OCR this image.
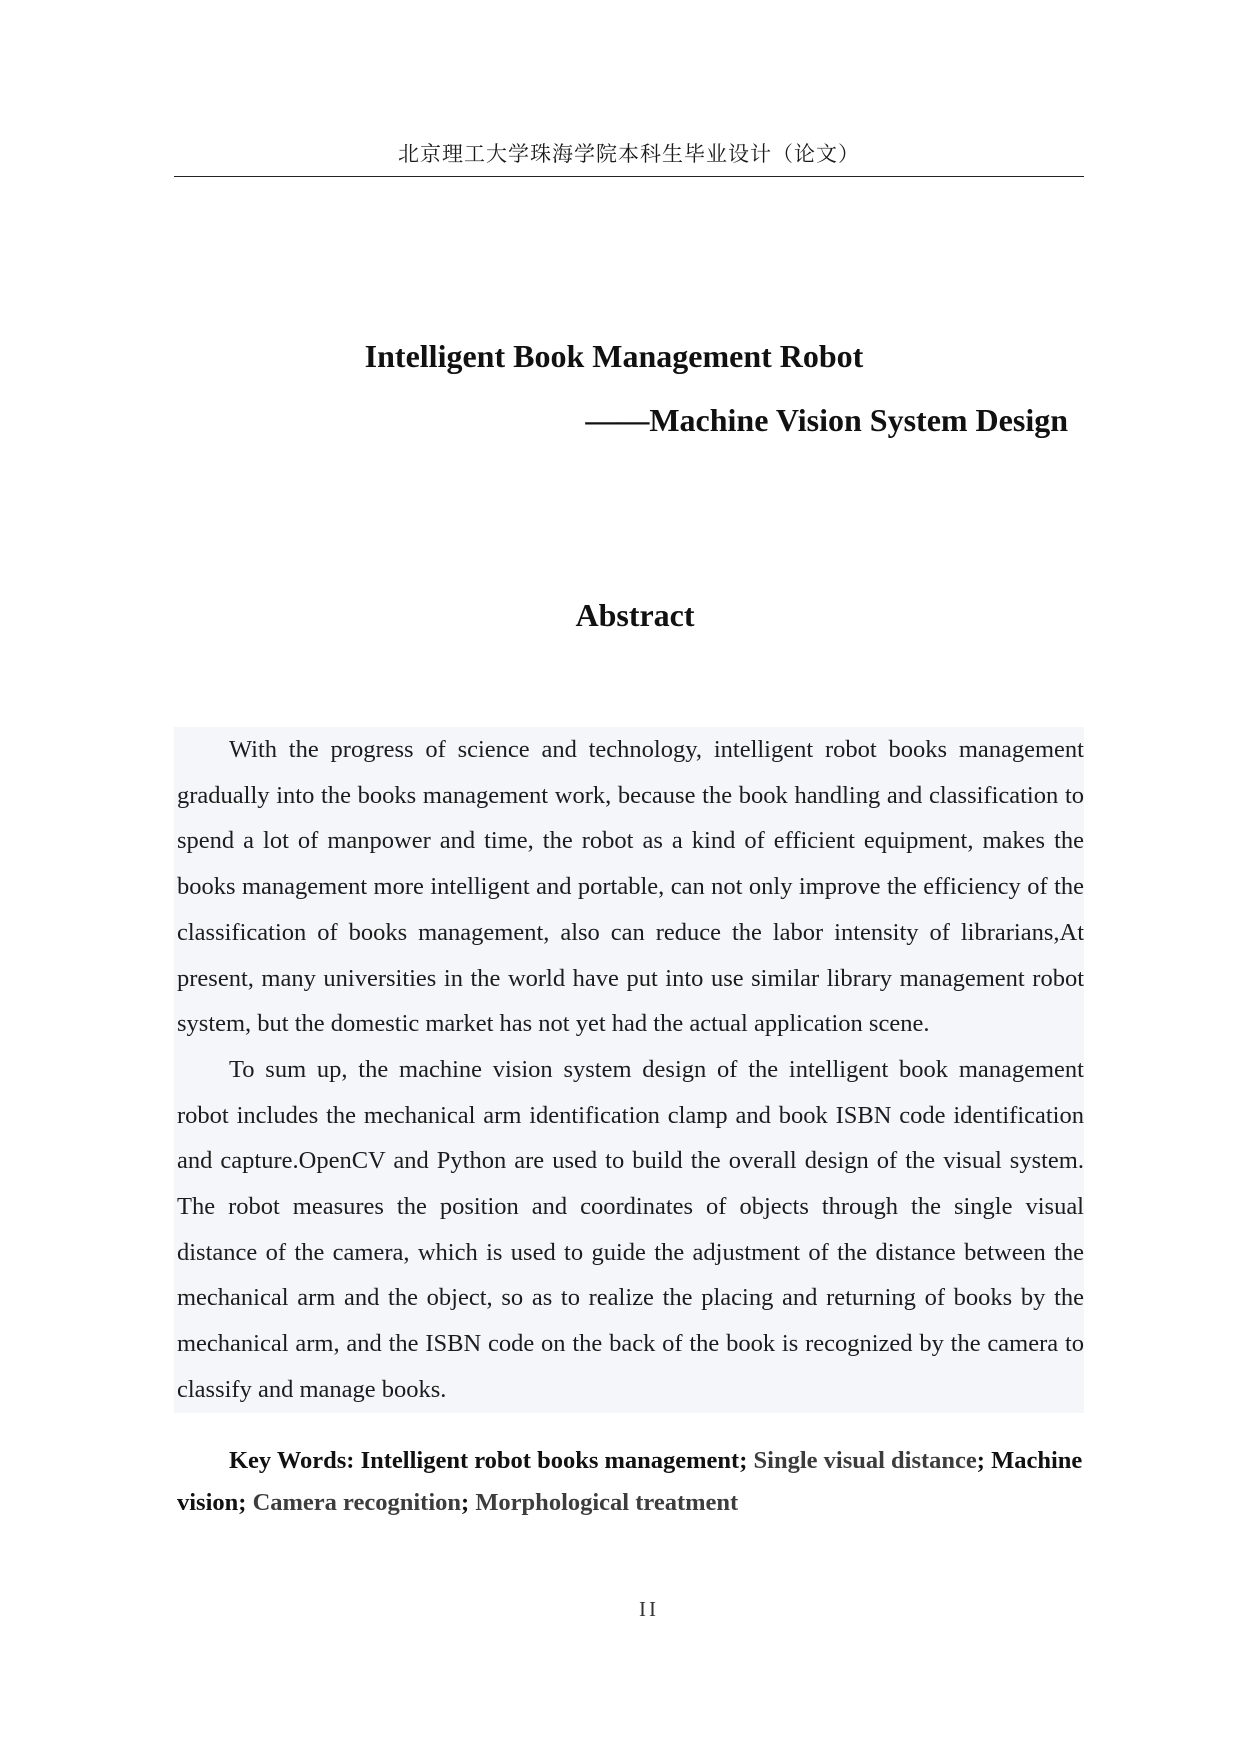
北京理工大学珠海学院本科生毕业设计（论文）
Intelligent Book Management Robot
——Machine Vision System Design
Abstract

With the progress of science and technology, intelligent robot books management gradually into the books management work, because the book handling and classification to spend a lot of manpower and time, the robot as a kind of efficient equipment, makes the books management more intelligent and portable, can not only improve the efficiency of the classification of books management, also can reduce the labor intensity of librarians,At present, many universities in the world have put into use similar library management robot system, but the domestic market has not yet had the actual application scene.

To sum up, the machine vision system design of the intelligent book management robot includes the mechanical arm identification clamp and book ISBN code identification and capture.OpenCV and Python are used to build the overall design of the visual system. The robot measures the position and coordinates of objects through the single visual distance of the camera, which is used to guide the adjustment of the distance between the mechanical arm and the object, so as to realize the placing and returning of books by the mechanical arm, and the ISBN code on the back of the book is recognized by the camera to classify and manage books.

Key Words: Intelligent robot books management; Single visual distance; Machine vision; Camera recognition; Morphological treatment
II
